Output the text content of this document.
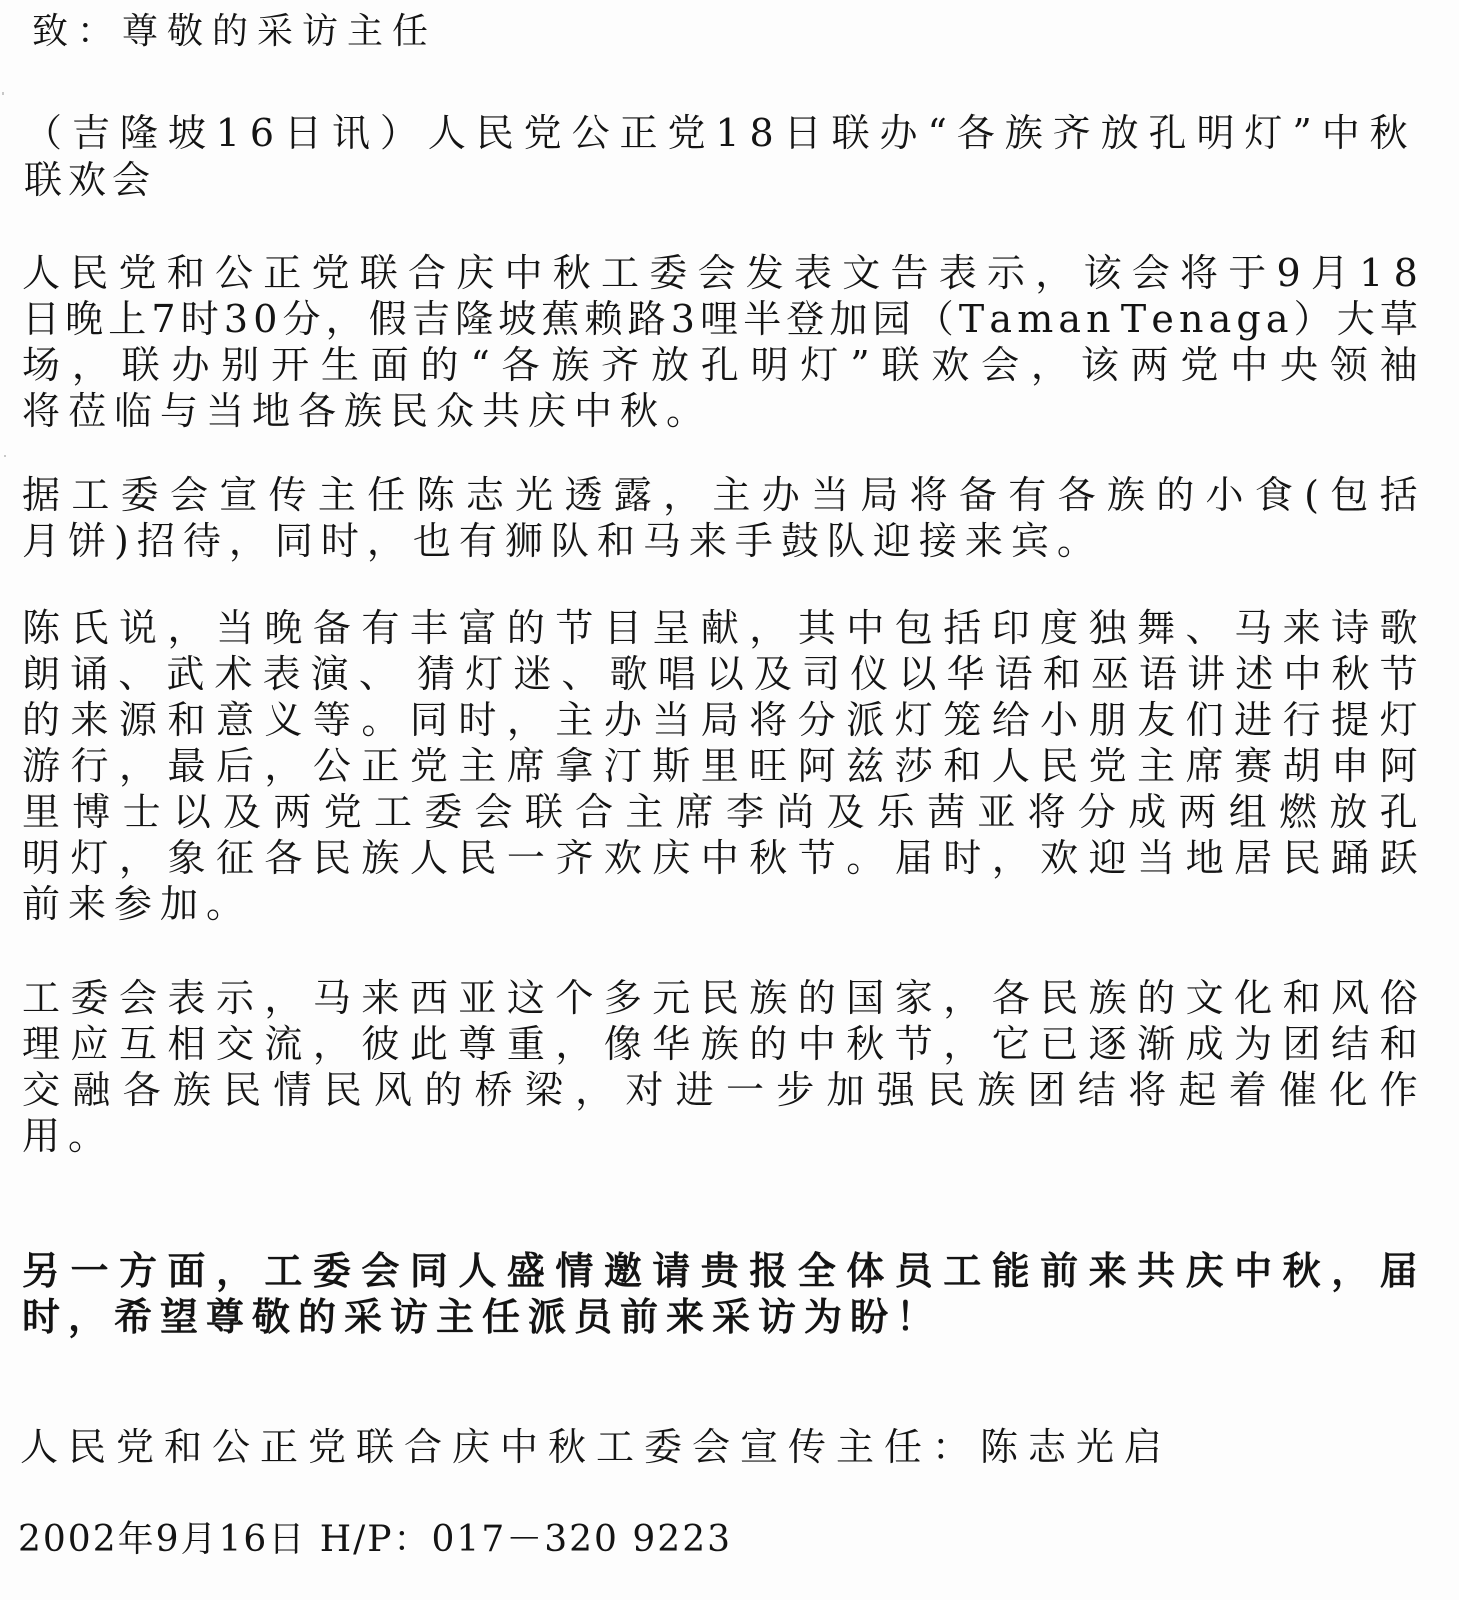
致：尊敬的采访主任
（ 吉 隆 坡 1 6 日 讯 ） 人 民 党 公 正 党 1 8 日 联 办 “ 各 族 齐 放 孔 明 灯 ” 中 秋
联欢会
人 民 党 和 公 正 党 联 合 庆 中 秋 工 委 会 发 表 文 告 表 示 ， 该 会 将 于 9 月 1 8
日 晚 上 7 时 3 0 分 ， 假 吉 隆 坡 蕉 赖 路 3 哩 半 登 加 园 （ T a m a n T e n a g a ） 大 草
场 ， 联 办 别 开 生 面 的 “ 各 族 齐 放 孔 明 灯 ” 联 欢 会 ， 该 两 党 中 央 领 袖
将莅临与当地各族民众共庆中秋。
据 工 委 会 宣 传 主 任 陈 志 光 透 露 ， 主 办 当 局 将 备 有 各 族 的 小 食 ( 包 括
月饼)招待，同时，也有狮队和马来手鼓队迎接来宾。
陈 氏 说 ， 当 晚 备 有 丰 富 的 节 目 呈 献 ， 其 中 包 括 印 度 独 舞 、 马 来 诗 歌
朗 诵 、 武 术 表 演 、 猜 灯 迷 、 歌 唱 以 及 司 仪 以 华 语 和 巫 语 讲 述 中 秋 节
的 来 源 和 意 义 等 。 同 时 ， 主 办 当 局 将 分 派 灯 笼 给 小 朋 友 们 进 行 提 灯
游 行 ， 最 后 ， 公 正 党 主 席 拿 汀 斯 里 旺 阿 兹 莎 和 人 民 党 主 席 赛 胡 申 阿
里 博 士 以 及 两 党 工 委 会 联 合 主 席 李 尚 及 乐 茜 亚 将 分 成 两 组 燃 放 孔
明 灯 ， 象 征 各 民 族 人 民 一 齐 欢 庆 中 秋 节 。 届 时 ， 欢 迎 当 地 居 民 踊 跃
前来参加。
工 委 会 表 示 ， 马 来 西 亚 这 个 多 元 民 族 的 国 家 ， 各 民 族 的 文 化 和 风 俗
理 应 互 相 交 流 ， 彼 此 尊 重 ， 像 华 族 的 中 秋 节 ， 它 已 逐 渐 成 为 团 结 和
交 融 各 族 民 情 民 风 的 桥 梁 ， 对 进 一 步 加 强 民 族 团 结 将 起 着 催 化 作
用。
另 一 方 面 ， 工 委 会 同 人 盛 情 邀 请 贵 报 全 体 员 工 能 前 来 共 庆 中 秋 ， 届
时，希望尊敬的采访主任派员前来采访为盼！
人民党和公正党联合庆中秋工委会宣传主任：陈志光启
2002年9月16日 H/P：017－320 9223
